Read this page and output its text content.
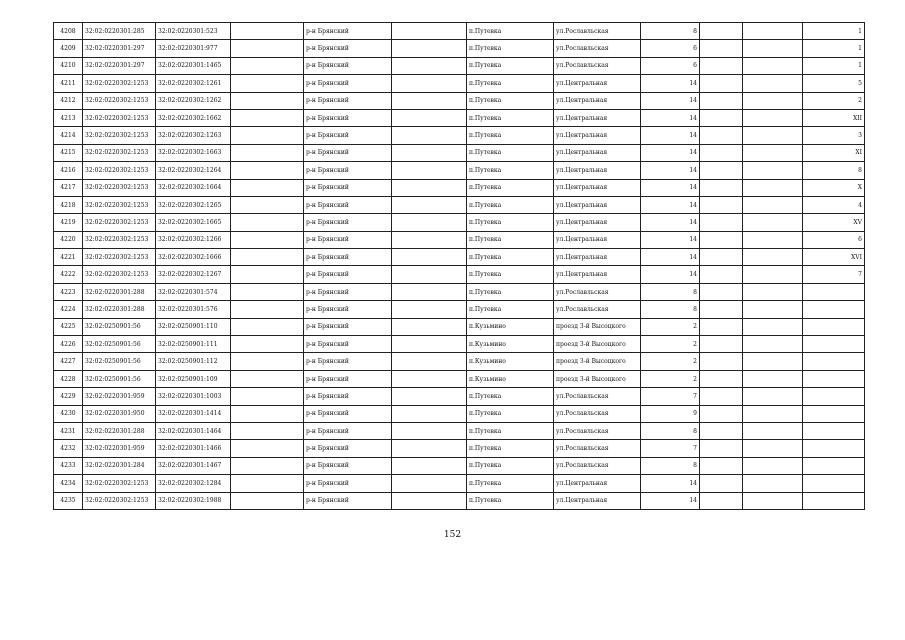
4208	32:02:0220301:285	32:02:0220301:523		р-н Брянский		п.Путевка	ул.Рославльская	8			1
4209	32:02:0220301:297	32:02:0220301:977		р-н Брянский		п.Путевка	ул.Рославльская	6			1
4210	32:02:0220301:297	32:02:0220301:1465		р-н Брянский		п.Путевка	ул.Рославльская	6			1
4211	32:02:0220302:1253	32:02:0220302:1261		р-н Брянский		п.Путевка	ул.Центральная	14			5
4212	32:02:0220302:1253	32:02:0220302:1262		р-н Брянский		п.Путевка	ул.Центральная	14			2
4213	32:02:0220302:1253	32:02:0220302:1662		р-н Брянский		п.Путевка	ул.Центральная	14			XII
4214	32:02:0220302:1253	32:02:0220302:1263		р-н Брянский		п.Путевка	ул.Центральная	14			3
4215	32:02:0220302:1253	32:02:0220302:1663		р-н Брянский		п.Путевка	ул.Центральная	14			XI
4216	32:02:0220302:1253	32:02:0220302:1264		р-н Брянский		п.Путевка	ул.Центральная	14			8
4217	32:02:0220302:1253	32:02:0220302:1664		р-н Брянский		п.Путевка	ул.Центральная	14			X
4218	32:02:0220302:1253	32:02:0220302:1265		р-н Брянский		п.Путевка	ул.Центральная	14			4
4219	32:02:0220302:1253	32:02:0220302:1665		р-н Брянский		п.Путевка	ул.Центральная	14			XV
4220	32:02:0220302:1253	32:02:0220302:1266		р-н Брянский		п.Путевка	ул.Центральная	14			6
4221	32:02:0220302:1253	32:02:0220302:1666		р-н Брянский		п.Путевка	ул.Центральная	14			XVI
4222	32:02:0220302:1253	32:02:0220302:1267		р-н Брянский		п.Путевка	ул.Центральная	14			7
4223	32:02:0220301:288	32:02:0220301:574		р-н Брянский		п.Путевка	ул.Рославльская	8			
4224	32:02:0220301:288	32:02:0220301:576		р-н Брянский		п.Путевка	ул.Рославльская	8			
4225	32:02:0250901:56	32:02:0250901:110		р-н Брянский		п.Кузьмино	проезд 3-й Высоцкого	2			
4226	32:02:0250901:56	32:02:0250901:111		р-н Брянский		п.Кузьмино	проезд 3-й Высоцкого	2			
4227	32:02:0250901:56	32:02:0250901:112		р-н Брянский		п.Кузьмино	проезд 3-й Высоцкого	2			
4228	32:02:0250901:56	32:02:0250901:109		р-н Брянский		п.Кузьмино	проезд 3-й Высоцкого	2			
4229	32:02:0220301:959	32:02:0220301:1003		р-н Брянский		п.Путевка	ул.Рославльская	7			
4230	32:02:0220301:950	32:02:0220301:1414		р-н Брянский		п.Путевка	ул.Рославльская	9			
4231	32:02:0220301:288	32:02:0220301:1464		р-н Брянский		п.Путевка	ул.Рославльская	8			
4232	32:02:0220301:959	32:02:0220301:1466		р-н Брянский		п.Путевка	ул.Рославльская	7			
4233	32:02:0220301:284	32:02:0220301:1467		р-н Брянский		п.Путевка	ул.Рославльская	8			
4234	32:02:0220302:1253	32:02:0220302:1284		р-н Брянский		п.Путевка	ул.Центральная	14			
4235	32:02:0220302:1253	32:02:0220302:1988		р-н Брянский		п.Путевка	ул.Центральная	14			
152
